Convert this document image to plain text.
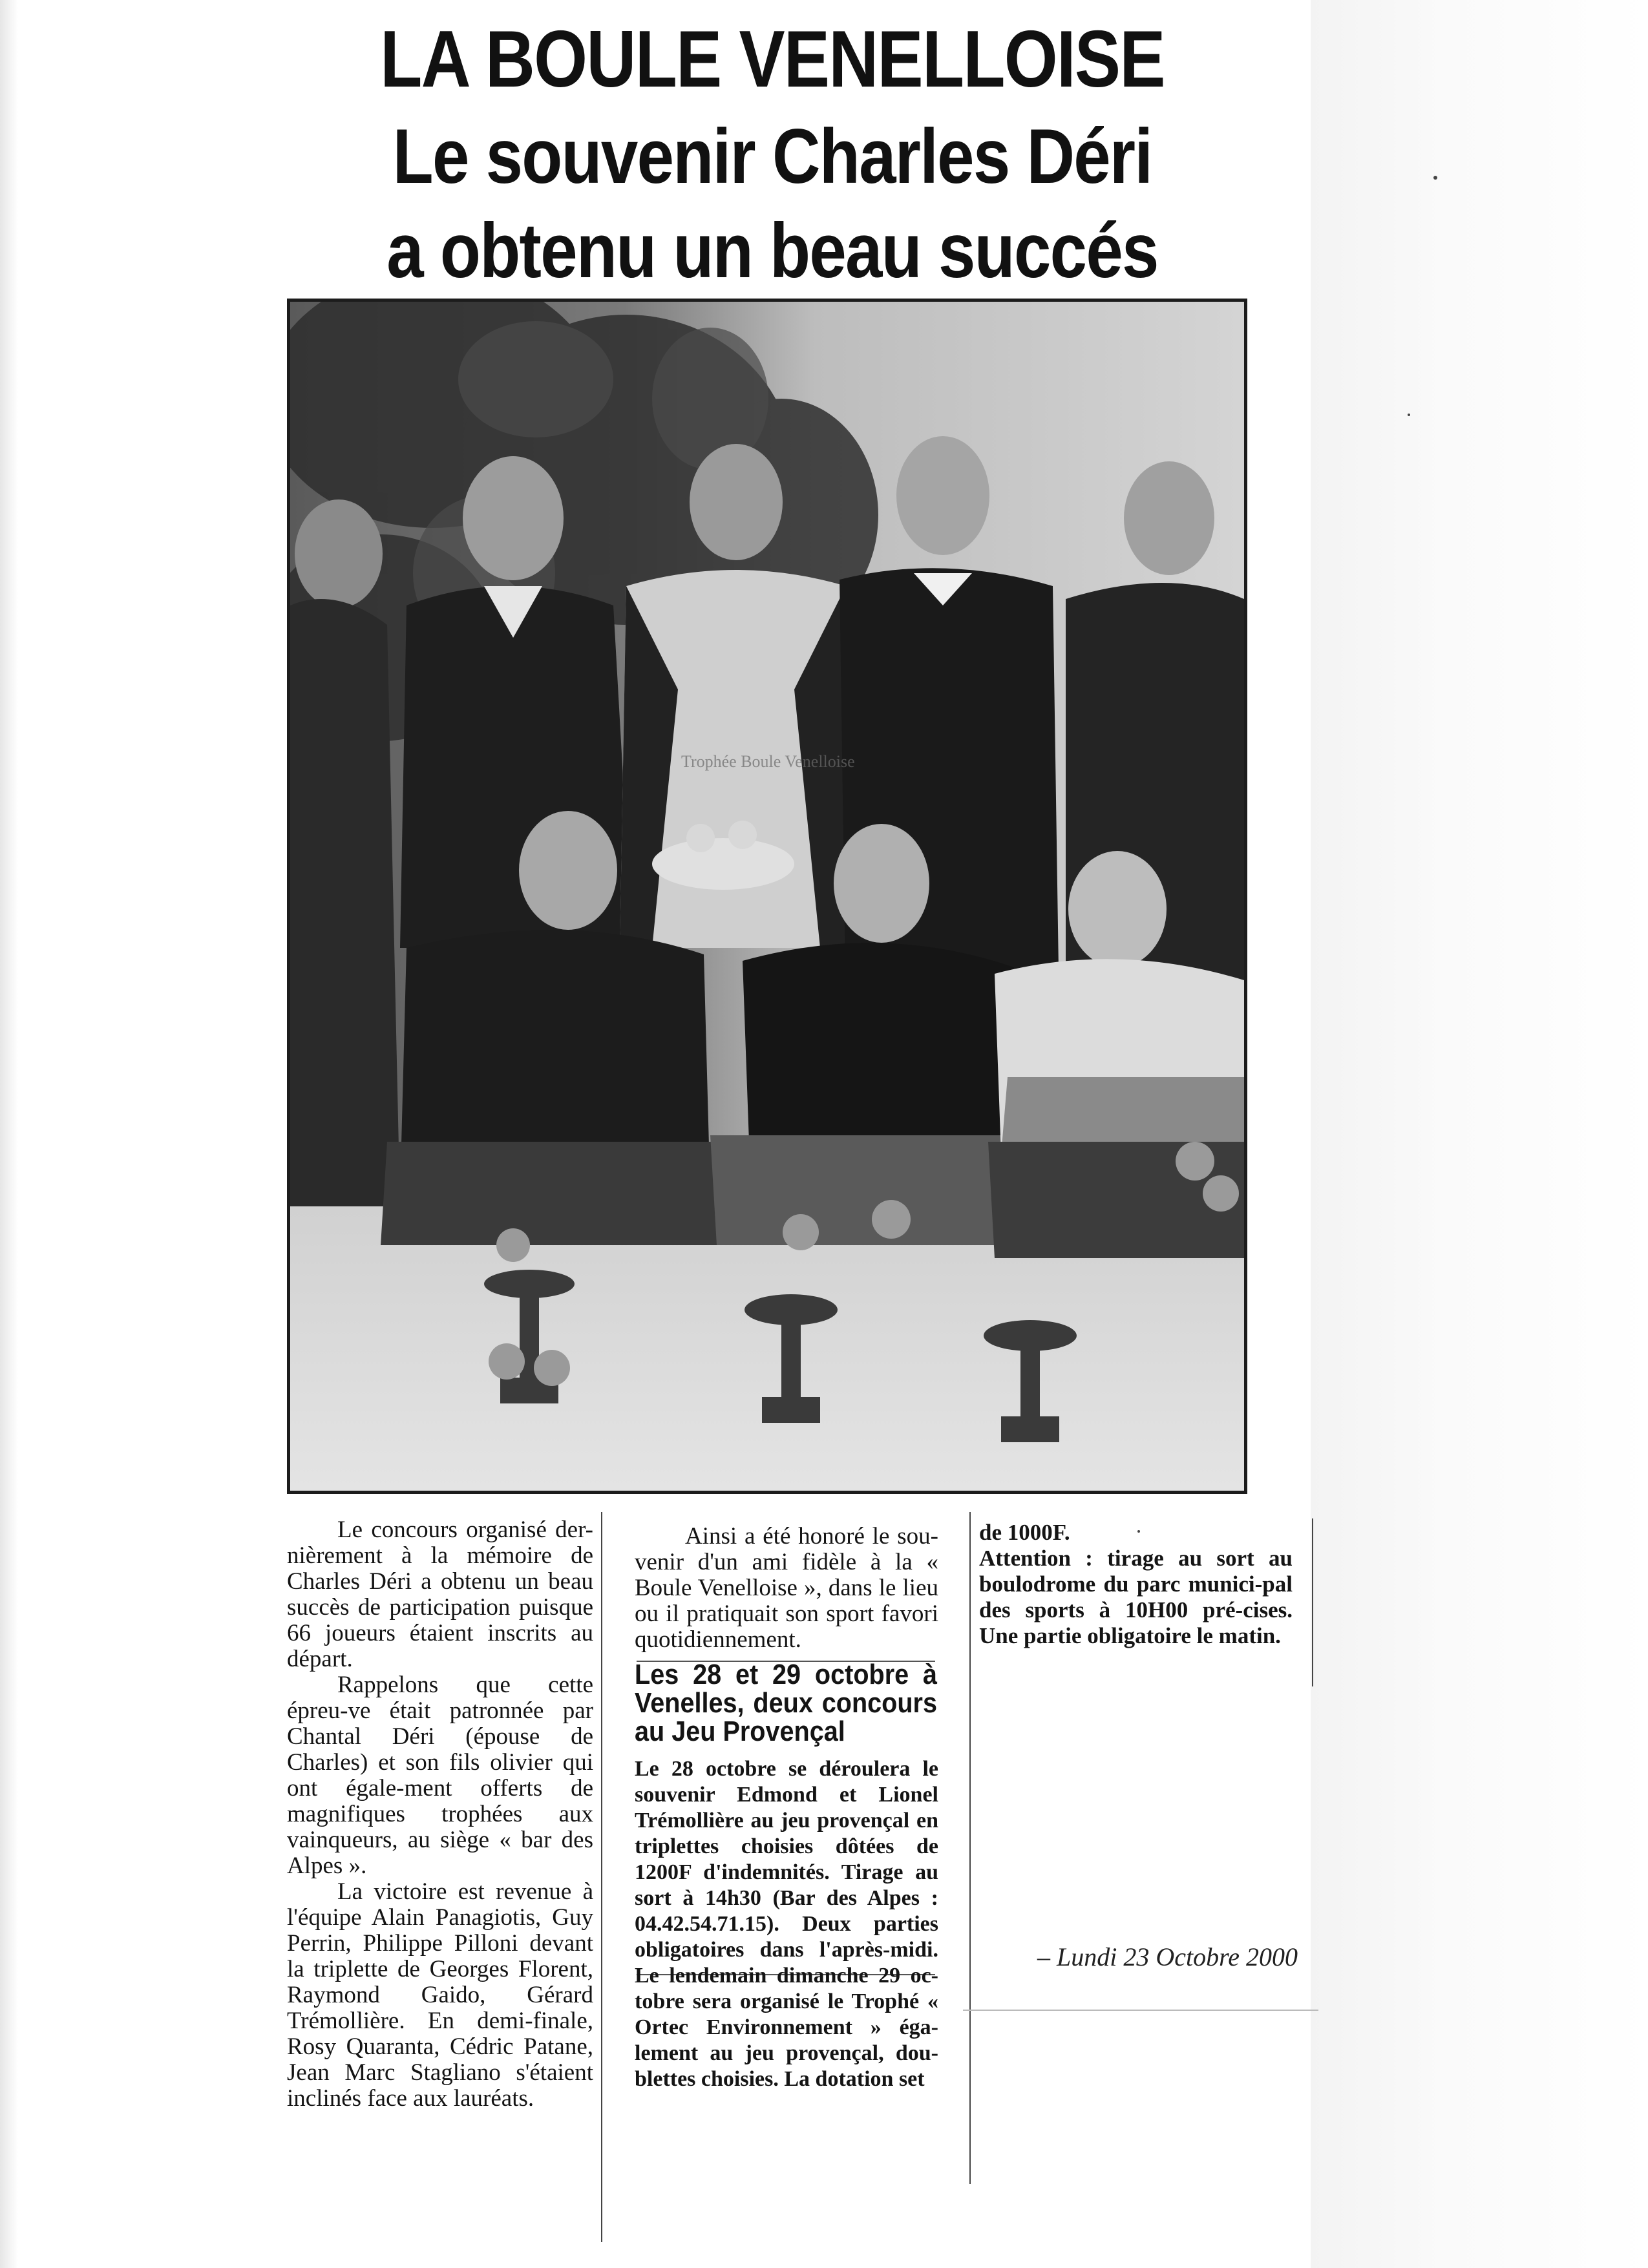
LA BOULE VENELLOISE
Le souvenir Charles Déri
a obtenu un beau succés
Trophée Boule Venelloise

Le concours organisé der-nièrement à la mémoire de Charles Déri a obtenu un beau succès de participation puisque 66 joueurs étaient inscrits au départ.

Rappelons que cette épreu-ve était patronnée par Chantal Déri (épouse de Charles) et son fils olivier qui ont égale-ment offerts de magnifiques trophées aux vainqueurs, au siège « bar des Alpes ».

La victoire est revenue à l'équipe Alain Panagiotis, Guy Perrin, Philippe Pilloni devant la triplette de Georges Florent, Raymond Gaido, Gérard Trémollière. En demi-finale, Rosy Quaranta, Cédric Patane, Jean Marc Stagliano s'étaient inclinés face aux lauréats.

Ainsi a été honoré le sou-venir d'un ami fidèle à la « Boule Venelloise », dans le lieu ou il pratiquait son sport favori quotidiennement.

Les 28 et 29 octobre à Venelles, deux concours au Jeu Provençal

Le 28 octobre se déroulera le souvenir Edmond et Lionel Trémollière au jeu provençal en triplettes choisies dôtées de 1200F d'indemnités. Tirage au sort à 14h30 (Bar des Alpes : 04.42.54.71.15). Deux parties obligatoires dans l'après-midi. Le lendemain dimanche 29 oc-tobre sera organisé le Trophé « Ortec Environnement » éga-lement au jeu provençal, dou-blettes choisies. La dotation set

de 1000F.

Attention : tirage au sort au boulodrome du parc munici-pal des sports à 10H00 pré-cises. Une partie obligatoire le matin.

– Lundi 23 Octobre 2000
